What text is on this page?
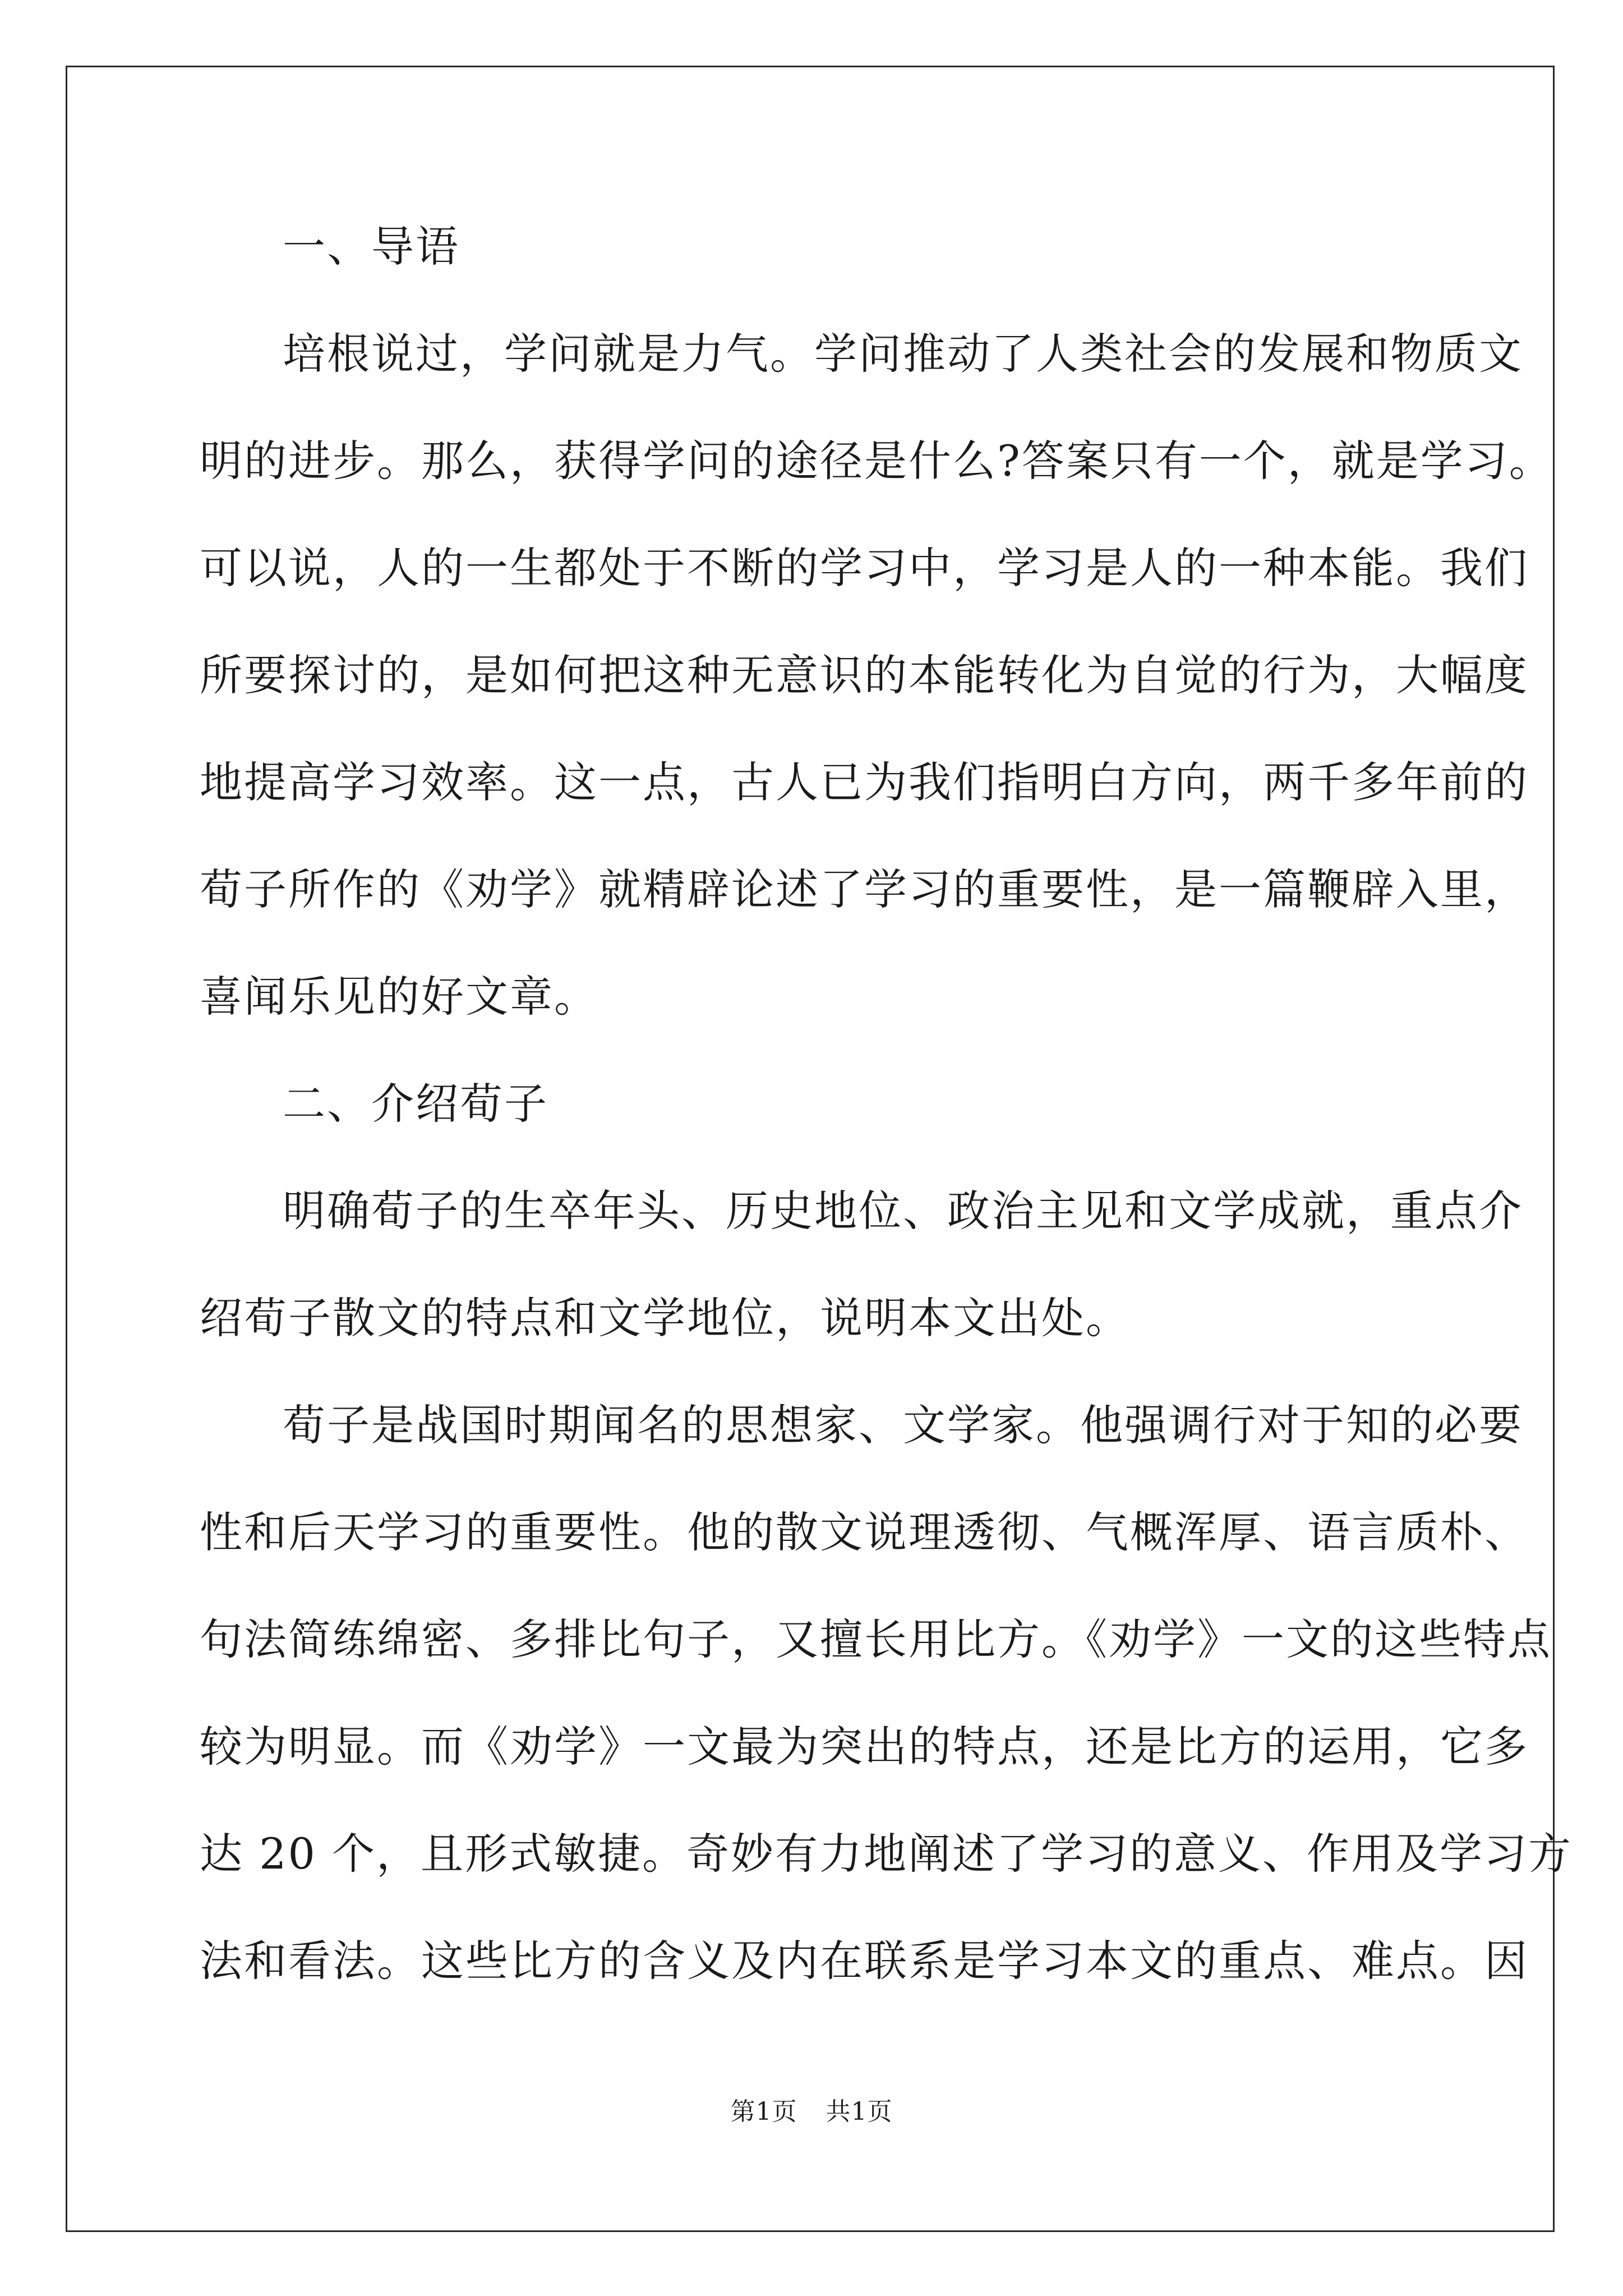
一、导语
培根说过，学问就是力气。学问推动了人类社会的发展和物质文
明的进步。那么，获得学问的途径是什么?答案只有一个，就是学习。
可以说，人的一生都处于不断的学习中，学习是人的一种本能。我们
所要探讨的，是如何把这种无意识的本能转化为自觉的行为，大幅度
地提高学习效率。这一点，古人已为我们指明白方向，两千多年前的
荀子所作的《劝学》就精辟论述了学习的重要性，是一篇鞭辟入里，
喜闻乐见的好文章。
二、介绍荀子
明确荀子的生卒年头、历史地位、政治主见和文学成就，重点介
绍荀子散文的特点和文学地位，说明本文出处。
荀子是战国时期闻名的思想家、文学家。他强调行对于知的必要
性和后天学习的重要性。他的散文说理透彻、气概浑厚、语言质朴、
句法简练绵密、多排比句子，又擅长用比方。《劝学》一文的这些特点
较为明显。而《劝学》一文最为突出的特点，还是比方的运用，它多
达 20 个，且形式敏捷。奇妙有力地阐述了学习的意义、作用及学习方
法和看法。这些比方的含义及内在联系是学习本文的重点、难点。因
第1页 共1页
